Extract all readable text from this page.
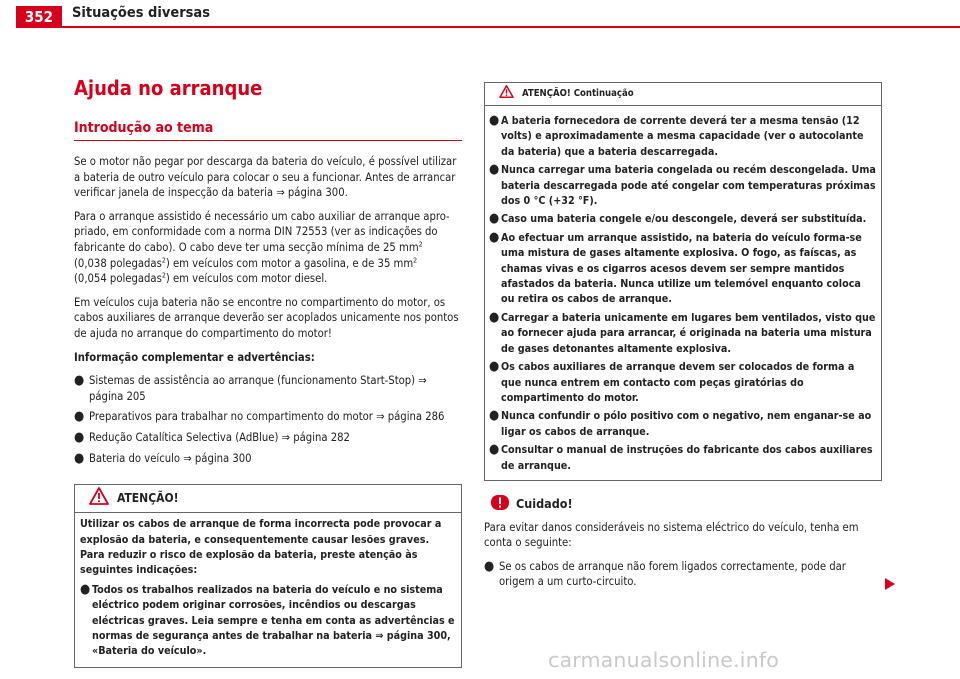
352	Situações diversas
Ajuda no arranque
Introdução ao tema

Se o motor não pegar por descarga da bateria do veículo, é possível utilizar a bateria de outro veículo para colocar o seu a funcionar. Antes de arrancar verificar janela de inspecção da bateria ⇒ página 300.

Para o arranque assistido é necessário um cabo auxiliar de arranque apropriado, em conformidade com a norma DIN 72553 (ver as indicações do fabricante do cabo). O cabo deve ter uma secção mínima de 25 $mm^2$
(0,038 polegadas$^2$) em veículos com motor a gasolina, e de 35 $mm^2$
(0,054 polegadas$^2$) em veículos com motor diesel.

Em veículos cuja bateria não se encontre no compartimento do motor, os cabos auxiliares de arranque deverão ser acoplados unicamente nos pontos de ajuda no arranque do compartimento do motor!

Informação complementar e advertências:

● Sistemas de assistência ao arranque (funcionamento Start-Stop) ⇒ página 205
● Preparativos para trabalhar no compartimento do motor ⇒ página 286
● Redução Catalítica Selectiva (AdBlue) ⇒ página 282
● Bateria do veículo ⇒ página 300
ATENÇÃO!

Utilizar os cabos de arranque de forma incorrecta pode provocar a explosão da bateria, e consequentemente causar lesões graves. Para reduzir o risco de explosão da bateria, preste atenção às seguintes indicações:

● Todos os trabalhos realizados na bateria do veículo e no sistema eléctrico podem originar corrosões, incêndios ou descargas eléctricas graves. Leia sempre e tenha em conta as advertências e normas de segurança antes de trabalhar na bateria ⇒ página 300, «Bateria do veículo».
ATENÇÃO! Continuação
● A bateria fornecedora de corrente deverá ter a mesma tensão (12 volts) e aproximadamente a mesma capacidade (ver o autocolante da bateria) que a bateria descarregada.
● Nunca carregar uma bateria congelada ou recém descongelada. Uma bateria descarregada pode até congelar com temperaturas próximas dos 0 °C (+32 °F).
● Caso uma bateria congele e/ou descongele, deverá ser substituída.
● Ao efectuar um arranque assistido, na bateria do veículo forma-se uma mistura de gases altamente explosiva. O fogo, as faíscas, as chamas vivas e os cigarros acesos devem ser sempre mantidos afastados da bateria. Nunca utilize um telemóvel enquanto coloca ou retira os cabos de arranque.
● Carregar a bateria unicamente em lugares bem ventilados, visto que ao fornecer ajuda para arrancar, é originada na bateria uma mistura de gases detonantes altamente explosiva.
● Os cabos auxiliares de arranque devem ser colocados de forma a que nunca entrem em contacto com peças giratórias do compartimento do motor.
● Nunca confundir o pólo positivo com o negativo, nem enganar-se ao ligar os cabos de arranque.
● Consultar o manual de instruções do fabricante dos cabos auxiliares de arranque.
Cuidado!

Para evitar danos consideráveis no sistema eléctrico do veículo, tenha em conta o seguinte:

● Se os cabos de arranque não forem ligados correctamente, pode dar origem a um curto-circuito.
carmanualsonline.info
